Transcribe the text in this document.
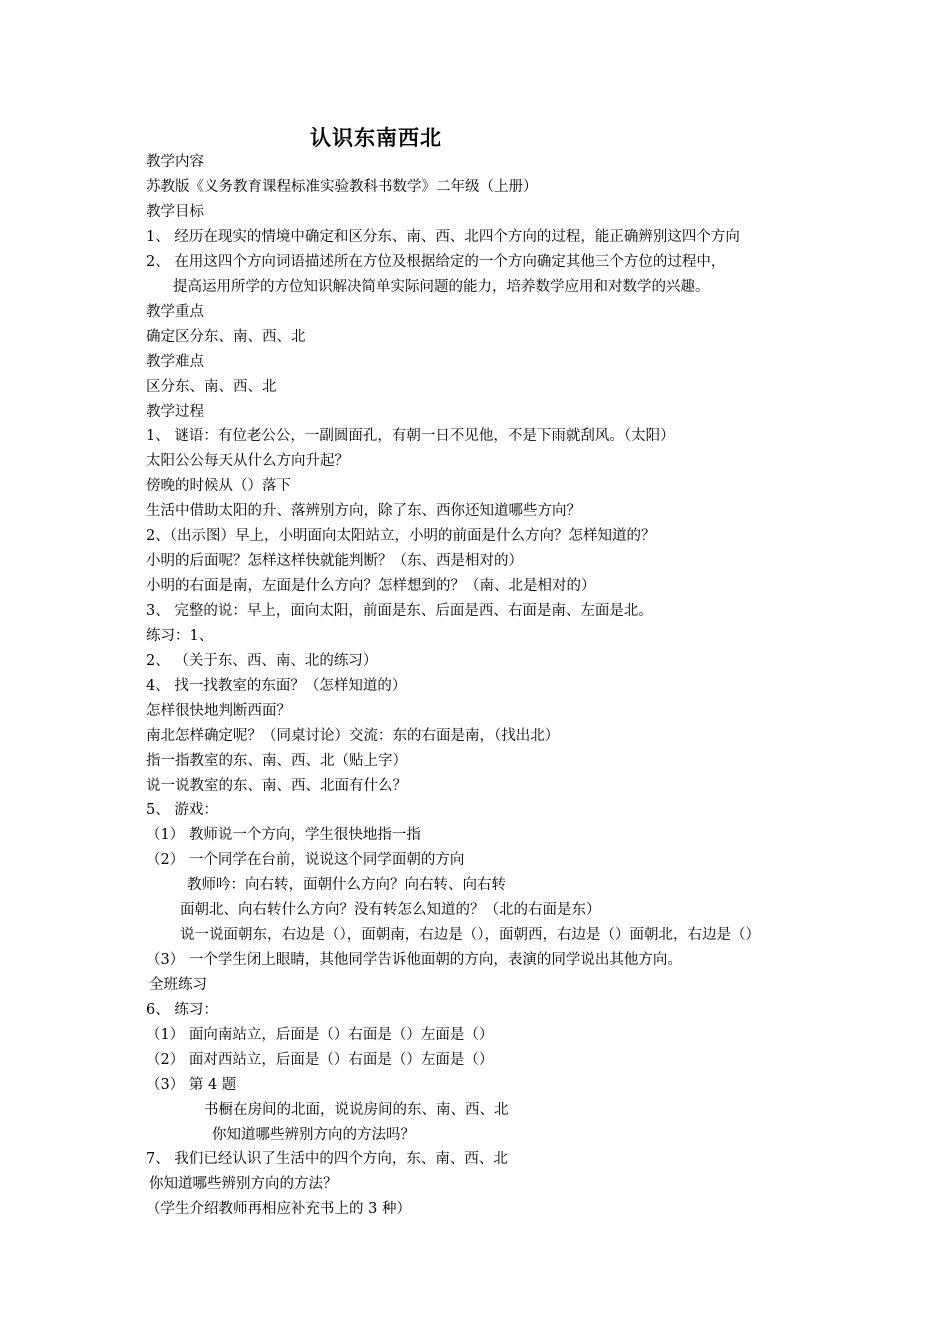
认识东南西北
教学内容
苏教版《义务教育课程标准实验教科书数学》二年级（上册）
教学目标
1、 经历在现实的情境中确定和区分东、南、西、北四个方向的过程，能正确辨别这四个方向
2、 在用这四个方向词语描述所在方位及根据给定的一个方向确定其他三个方位的过程中，
提高运用所学的方位知识解决简单实际问题的能力，培养数学应用和对数学的兴趣。
教学重点
确定区分东、南、西、北
教学难点
区分东、南、西、北
教学过程
1、 谜语：有位老公公，一副圆面孔，有朝一日不见他，不是下雨就刮风。（太阳）
太阳公公每天从什么方向升起？
傍晚的时候从（）落下
生活中借助太阳的升、落辨别方向，除了东、西你还知道哪些方向？
2、（出示图）早上，小明面向太阳站立，小明的前面是什么方向？怎样知道的？
小明的后面呢？怎样这样快就能判断？（东、西是相对的）
小明的右面是南，左面是什么方向？怎样想到的？（南、北是相对的）
3、 完整的说：早上，面向太阳，前面是东、后面是西、右面是南、左面是北。
练习：1、
2、 （关于东、西、南、北的练习）
4、 找一找教室的东面？（怎样知道的）
怎样很快地判断西面？
南北怎样确定呢？（同桌讨论）交流：东的右面是南，（找出北）
指一指教室的东、南、西、北（贴上字）
说一说教室的东、南、西、北面有什么？
5、 游戏：
（1） 教师说一个方向，学生很快地指一指
（2） 一个同学在台前，说说这个同学面朝的方向
教师吟：向右转，面朝什么方向？向右转、向右转
面朝北、向右转什么方向？没有转怎么知道的？（北的右面是东）
说一说面朝东，右边是（），面朝南，右边是（），面朝西，右边是（）面朝北，右边是（）
（3） 一个学生闭上眼睛，其他同学告诉他面朝的方向，表演的同学说出其他方向。
全班练习
6、 练习：
（1） 面向南站立，后面是（）右面是（）左面是（）
（2） 面对西站立，后面是（）右面是（）左面是（）
（3） 第 4 题
书橱在房间的北面，说说房间的东、南、西、北
你知道哪些辨别方向的方法吗？
7、 我们已经认识了生活中的四个方向，东、南、西、北
你知道哪些辨别方向的方法？
（学生介绍教师再相应补充书上的 3 种）
